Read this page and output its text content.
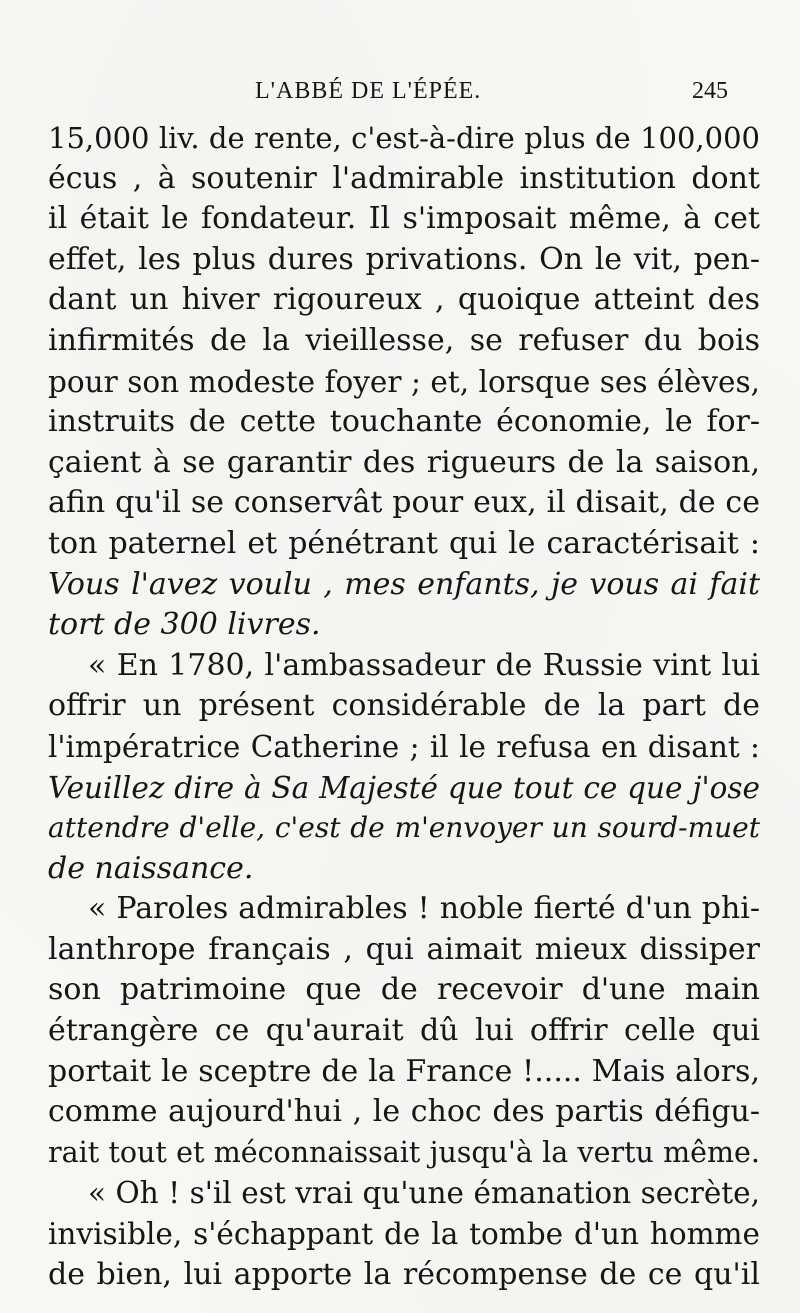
L'ABBÉ DE L'ÉPÉE.	245
15,000 liv. de rente, c'est-à-dire plus de 100,000
écus , à soutenir l'admirable institution dont
il était le fondateur. Il s'imposait même, à cet
effet, les plus dures privations. On le vit, pen-
dant un hiver rigoureux , quoique atteint des
infirmités de la vieillesse, se refuser du bois
pour son modeste foyer ; et, lorsque ses élèves,
instruits de cette touchante économie, le for-
çaient à se garantir des rigueurs de la saison,
afin qu'il se conservât pour eux, il disait, de ce
ton paternel et pénétrant qui le caractérisait :
Vous l'avez voulu , mes enfants, je vous ai fait
tort de 300 livres.
« En 1780, l'ambassadeur de Russie vint lui
offrir un présent considérable de la part de
l'impératrice Catherine ; il le refusa en disant :
Veuillez dire à Sa Majesté que tout ce que j'ose
attendre d'elle, c'est de m'envoyer un sourd-muet
de naissance.
« Paroles admirables ! noble fierté d'un phi-
lanthrope français , qui aimait mieux dissiper
son patrimoine que de recevoir d'une main
étrangère ce qu'aurait dû lui offrir celle qui
portait le sceptre de la France !..... Mais alors,
comme aujourd'hui , le choc des partis défigu-
rait tout et méconnaissait jusqu'à la vertu même.
« Oh ! s'il est vrai qu'une émanation secrète,
invisible, s'échappant de la tombe d'un homme
de bien, lui apporte la récompense de ce qu'il
